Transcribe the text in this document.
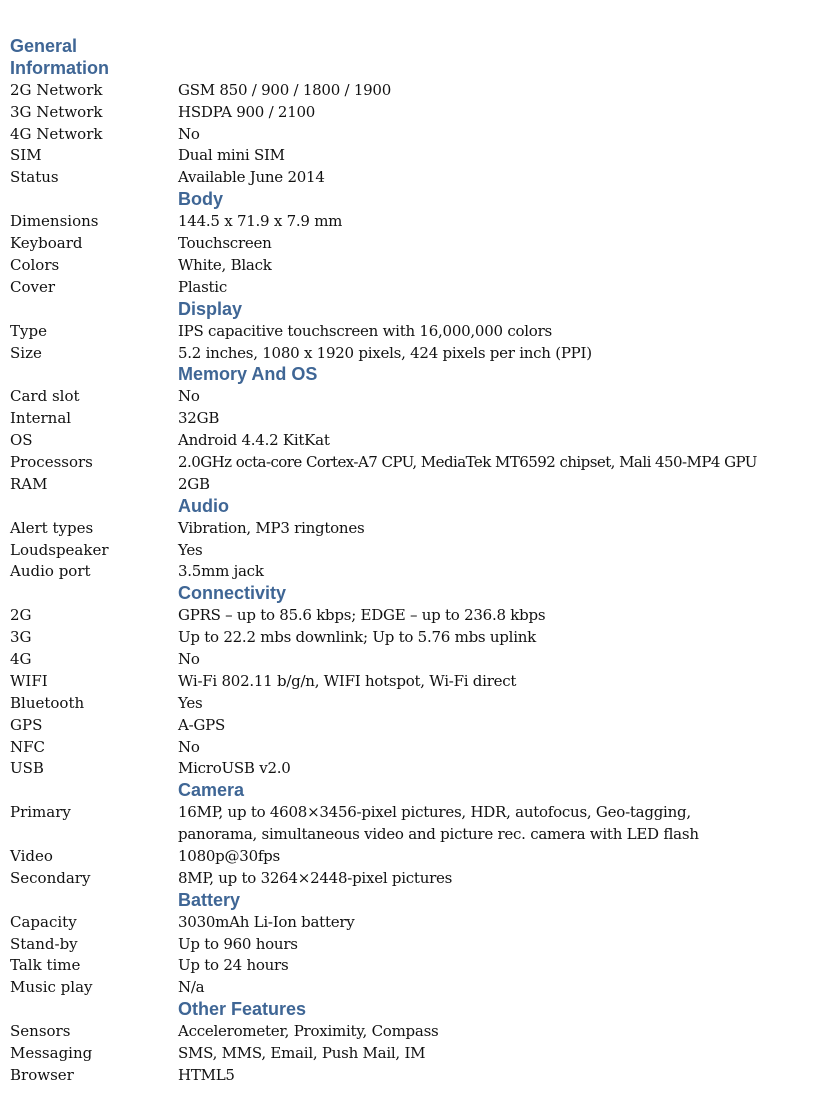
General Information
2G Network	GSM 850 / 900 / 1800 / 1900
3G Network	HSDPA 900 / 2100
4G Network	No
SIM	Dual mini SIM
Status	Available June 2014
Body
Dimensions	144.5 x 71.9 x 7.9 mm
Keyboard	Touchscreen
Colors	White, Black
Cover	Plastic
Display
Type	IPS capacitive touchscreen with 16,000,000 colors
Size	5.2 inches, 1080 x 1920 pixels, 424 pixels per inch (PPI)
Memory And OS
Card slot	No
Internal	32GB
OS	Android 4.4.2 KitKat
Processors	2.0GHz octa-core Cortex-A7 CPU, MediaTek MT6592 chipset, Mali 450-MP4 GPU
RAM	2GB
Audio
Alert types	Vibration, MP3 ringtones
Loudspeaker	Yes
Audio port	3.5mm jack
Connectivity
2G	GPRS – up to 85.6 kbps; EDGE – up to 236.8 kbps
3G	Up to 22.2 mbs downlink; Up to 5.76 mbs uplink
4G	No
WIFI	Wi-Fi 802.11 b/g/n, WIFI hotspot, Wi-Fi direct
Bluetooth	Yes
GPS	A-GPS
NFC	No
USB	MicroUSB v2.0
Camera
Primary	16MP, up to 4608×3456-pixel pictures, HDR, autofocus, Geo-tagging,
panorama, simultaneous video and picture rec. camera with LED flash
Video	1080p@30fps
Secondary	8MP, up to 3264×2448-pixel pictures
Battery
Capacity	3030mAh Li-Ion battery
Stand-by	Up to 960 hours
Talk time	Up to 24 hours
Music play	N/a
Other Features
Sensors	Accelerometer, Proximity, Compass
Messaging	SMS, MMS, Email, Push Mail, IM
Browser	HTML5
